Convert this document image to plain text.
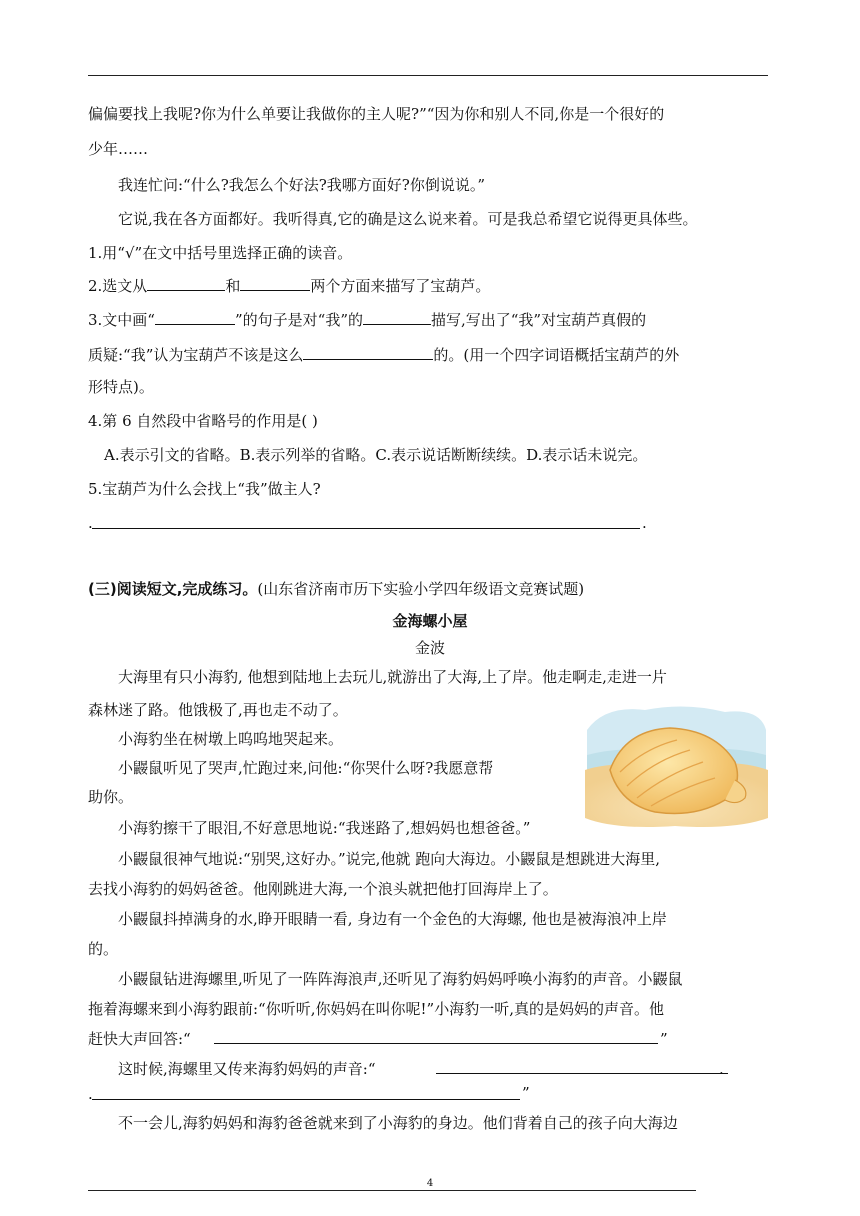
偏偏要找上我呢?你为什么单要让我做你的主人呢?”“因为你和别人不同,你是一个很好的
少年……
我连忙问:“什么?我怎么个好法?我哪方面好?你倒说说。”
它说,我在各方面都好。我听得真,它的确是这么说来着。可是我总希望它说得更具体些。
1.用“√”在文中括号里选择正确的读音。
2.选文从	和	两个方面来描写了宝葫芦。
3.文中画“	”的句子是对“我”的	描写,写出了“我”对宝葫芦真假的
质疑:“我”认为宝葫芦不该是这么	的。(用一个四字词语概括宝葫芦的外
形特点)。
4.第 6 自然段中省略号的作用是( )
A.表示引文的省略。B.表示列举的省略。C.表示说话断断续续。D.表示话未说完。
5.宝葫芦为什么会找上“我”做主人?
.	.
(三)阅读短文,完成练习。(山东省济南市历下实验小学四年级语文竞赛试题)
金海螺小屋
金波
大海里有只小海豹, 他想到陆地上去玩儿,就游出了大海,上了岸。他走啊走,走进一片
森林迷了路。他饿极了,再也走不动了。
小海豹坐在树墩上呜呜地哭起来。
小鼹鼠听见了哭声,忙跑过来,问他:“你哭什么呀?我愿意帮
助你。
小海豹擦干了眼泪,不好意思地说:“我迷路了,想妈妈也想爸爸。”
小鼹鼠很神气地说:“别哭,这好办。”说完,他就 跑向大海边。小鼹鼠是想跳进大海里,
去找小海豹的妈妈爸爸。他刚跳进大海,一个浪头就把他打回海岸上了。
小鼹鼠抖掉满身的水,睁开眼睛一看, 身边有一个金色的大海螺, 他也是被海浪冲上岸
的。
小鼹鼠钻进海螺里,听见了一阵阵海浪声,还听见了海豹妈妈呼唤小海豹的声音。小鼹鼠
拖着海螺来到小海豹跟前:“你听听,你妈妈在叫你呢!”小海豹一听,真的是妈妈的声音。他
赶快大声回答:“	”
这时候,海螺里又传来海豹妈妈的声音:“	.
.	”
不一会儿,海豹妈妈和海豹爸爸就来到了小海豹的身边。他们背着自己的孩子向大海边
4
